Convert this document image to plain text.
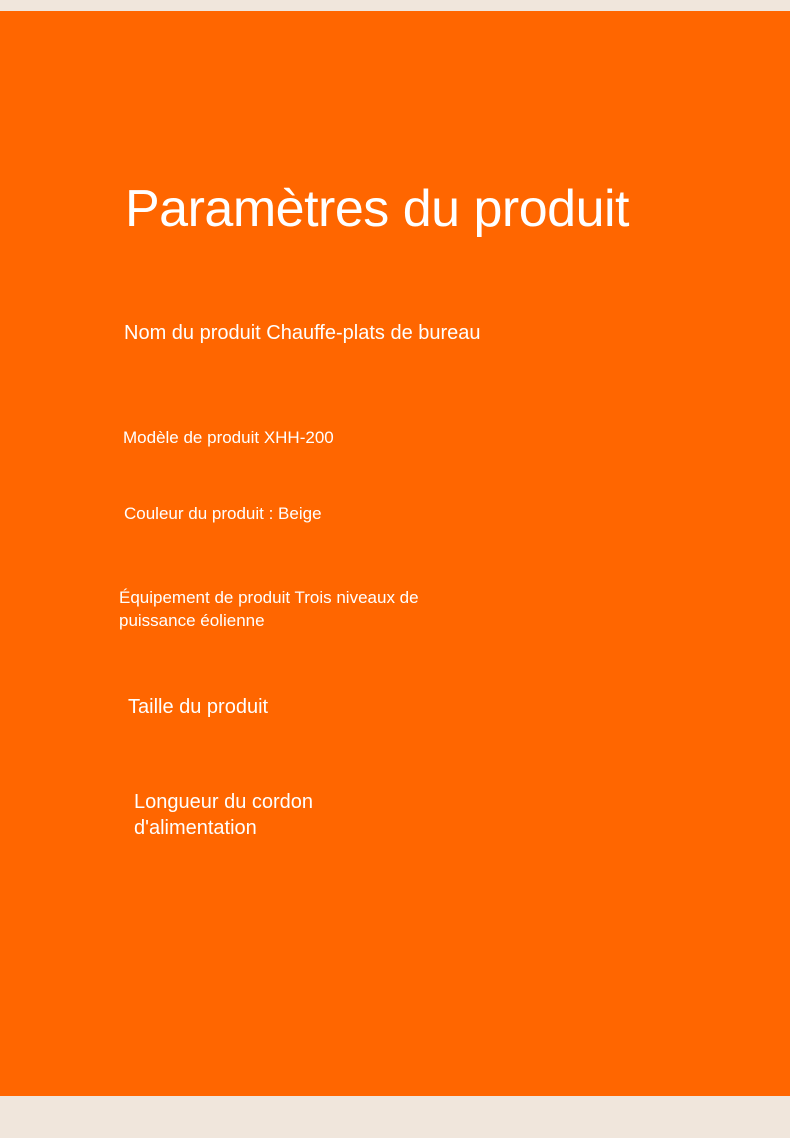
Paramètres du produit

Nom du produit Chauffe-plats de bureau

Modèle de produit XHH-200

Couleur du produit : Beige

Équipement de produit Trois niveaux de puissance éolienne

Taille du produit

Longueur du cordon d'alimentation
